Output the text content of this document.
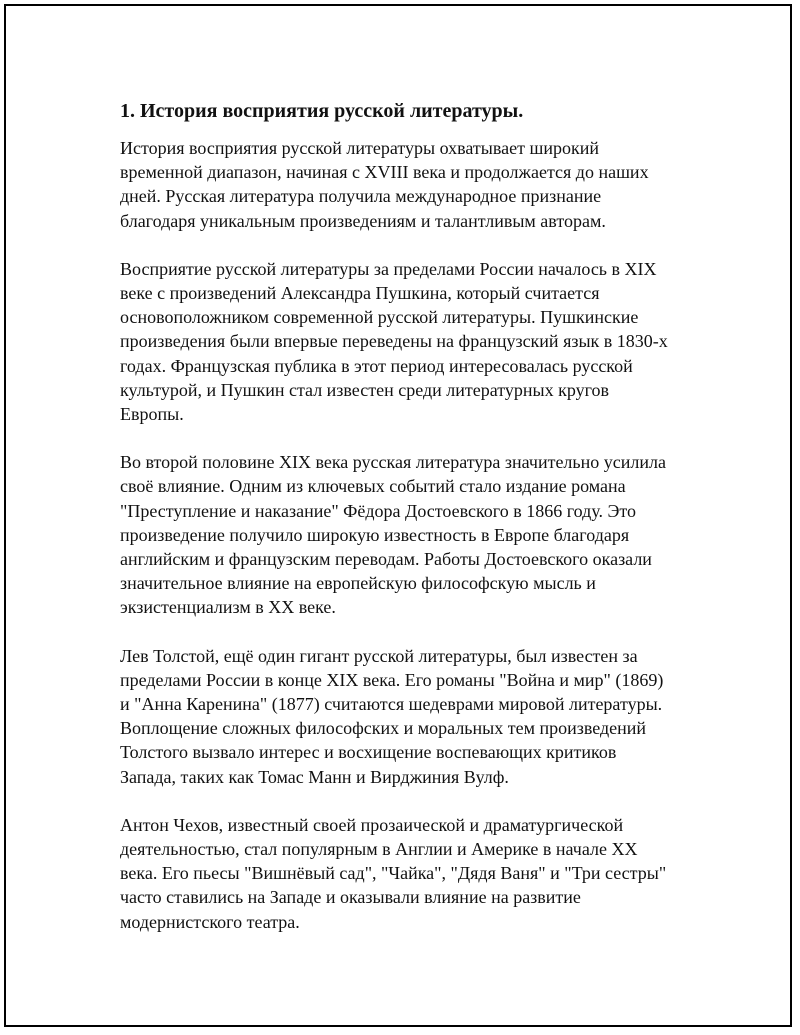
1. История восприятия русской литературы.

История восприятия русской литературы охватывает широкий
временной диапазон, начиная с XVIII века и продолжается до наших
дней. Русская литература получила международное признание
благодаря уникальным произведениям и талантливым авторам.

Восприятие русской литературы за пределами России началось в XIX
веке с произведений Александра Пушкина, который считается
основоположником современной русской литературы. Пушкинские
произведения были впервые переведены на французский язык в 1830-х
годах. Французская публика в этот период интересовалась русской
культурой, и Пушкин стал известен среди литературных кругов
Европы.

Во второй половине XIX века русская литература значительно усилила
своё влияние. Одним из ключевых событий стало издание романа
"Преступление и наказание" Фёдора Достоевского в 1866 году. Это
произведение получило широкую известность в Европе благодаря
английским и французским переводам. Работы Достоевского оказали
значительное влияние на европейскую философскую мысль и
экзистенциализм в XX веке.

Лев Толстой, ещё один гигант русской литературы, был известен за
пределами России в конце XIX века. Его романы "Война и мир" (1869)
и "Анна Каренина" (1877) считаются шедеврами мировой литературы.
Воплощение сложных философских и моральных тем произведений
Толстого вызвало интерес и восхищение воспевающих критиков
Запада, таких как Томас Манн и Вирджиния Вулф.

Антон Чехов, известный своей прозаической и драматургической
деятельностью, стал популярным в Англии и Америке в начале XX
века. Его пьесы "Вишнёвый сад", "Чайка", "Дядя Ваня" и "Три сестры"
часто ставились на Западе и оказывали влияние на развитие
модернистского театра.
